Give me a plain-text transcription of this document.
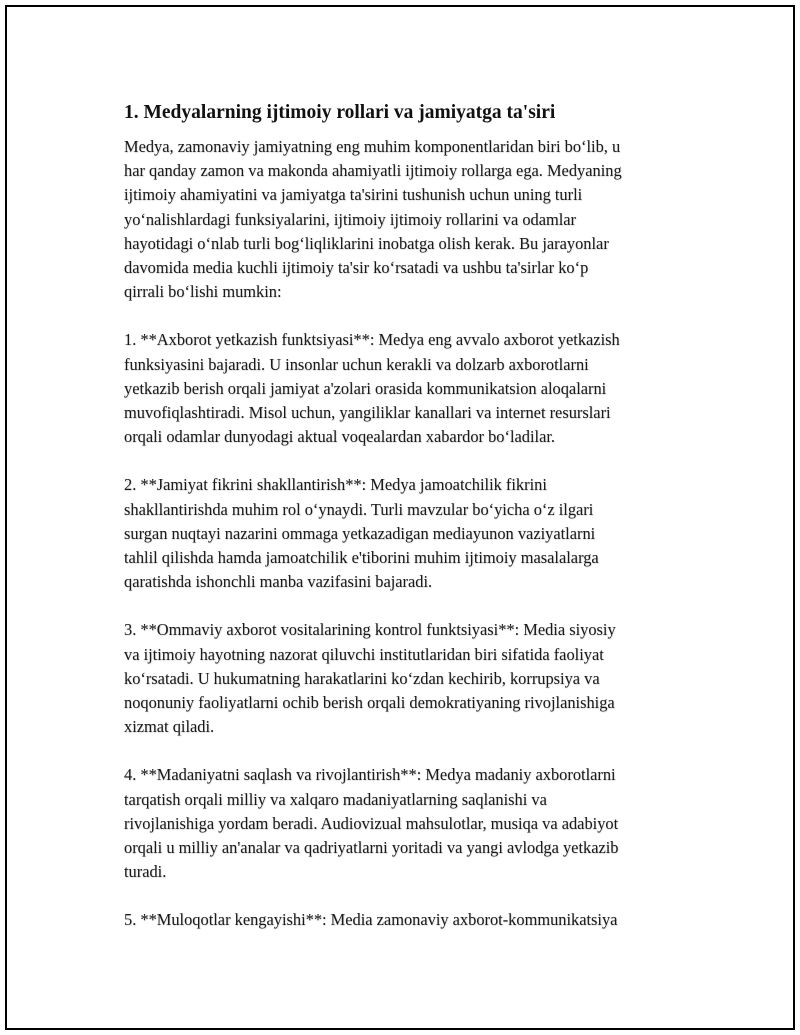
1. Medyalarning ijtimoiy rollari va jamiyatga ta'siri

Medya, zamonaviy jamiyatning eng muhim komponentlaridan biri bo‘lib, u
har qanday zamon va makonda ahamiyatli ijtimoiy rollarga ega. Medyaning
ijtimoiy ahamiyatini va jamiyatga ta'sirini tushunish uchun uning turli
yo‘nalishlardagi funksiyalarini, ijtimoiy ijtimoiy rollarini va odamlar
hayotidagi o‘nlab turli bog‘liqliklarini inobatga olish kerak. Bu jarayonlar
davomida media kuchli ijtimoiy ta'sir ko‘rsatadi va ushbu ta'sirlar ko‘p
qirrali bo‘lishi mumkin:

1. **Axborot yetkazish funktsiyasi**: Medya eng avvalo axborot yetkazish
funksiyasini bajaradi. U insonlar uchun kerakli va dolzarb axborotlarni
yetkazib berish orqali jamiyat a'zolari orasida kommunikatsion aloqalarni
muvofiqlashtiradi. Misol uchun, yangiliklar kanallari va internet resurslari
orqali odamlar dunyodagi aktual voqealardan xabardor bo‘ladilar.

2. **Jamiyat fikrini shakllantirish**: Medya jamoatchilik fikrini
shakllantirishda muhim rol o‘ynaydi. Turli mavzular bo‘yicha o‘z ilgari
surgan nuqtayi nazarini ommaga yetkazadigan mediayunon vaziyatlarni
tahlil qilishda hamda jamoatchilik e'tiborini muhim ijtimoiy masalalarga
qaratishda ishonchli manba vazifasini bajaradi.

3. **Ommaviy axborot vositalarining kontrol funktsiyasi**: Media siyosiy
va ijtimoiy hayotning nazorat qiluvchi institutlaridan biri sifatida faoliyat
ko‘rsatadi. U hukumatning harakatlarini ko‘zdan kechirib, korrupsiya va
noqonuniy faoliyatlarni ochib berish orqali demokratiyaning rivojlanishiga
xizmat qiladi.

4. **Madaniyatni saqlash va rivojlantirish**: Medya madaniy axborotlarni
tarqatish orqali milliy va xalqaro madaniyatlarning saqlanishi va
rivojlanishiga yordam beradi. Audiovizual mahsulotlar, musiqa va adabiyot
orqali u milliy an'analar va qadriyatlarni yoritadi va yangi avlodga yetkazib
turadi.

5. **Muloqotlar kengayishi**: Media zamonaviy axborot-kommunikatsiya
